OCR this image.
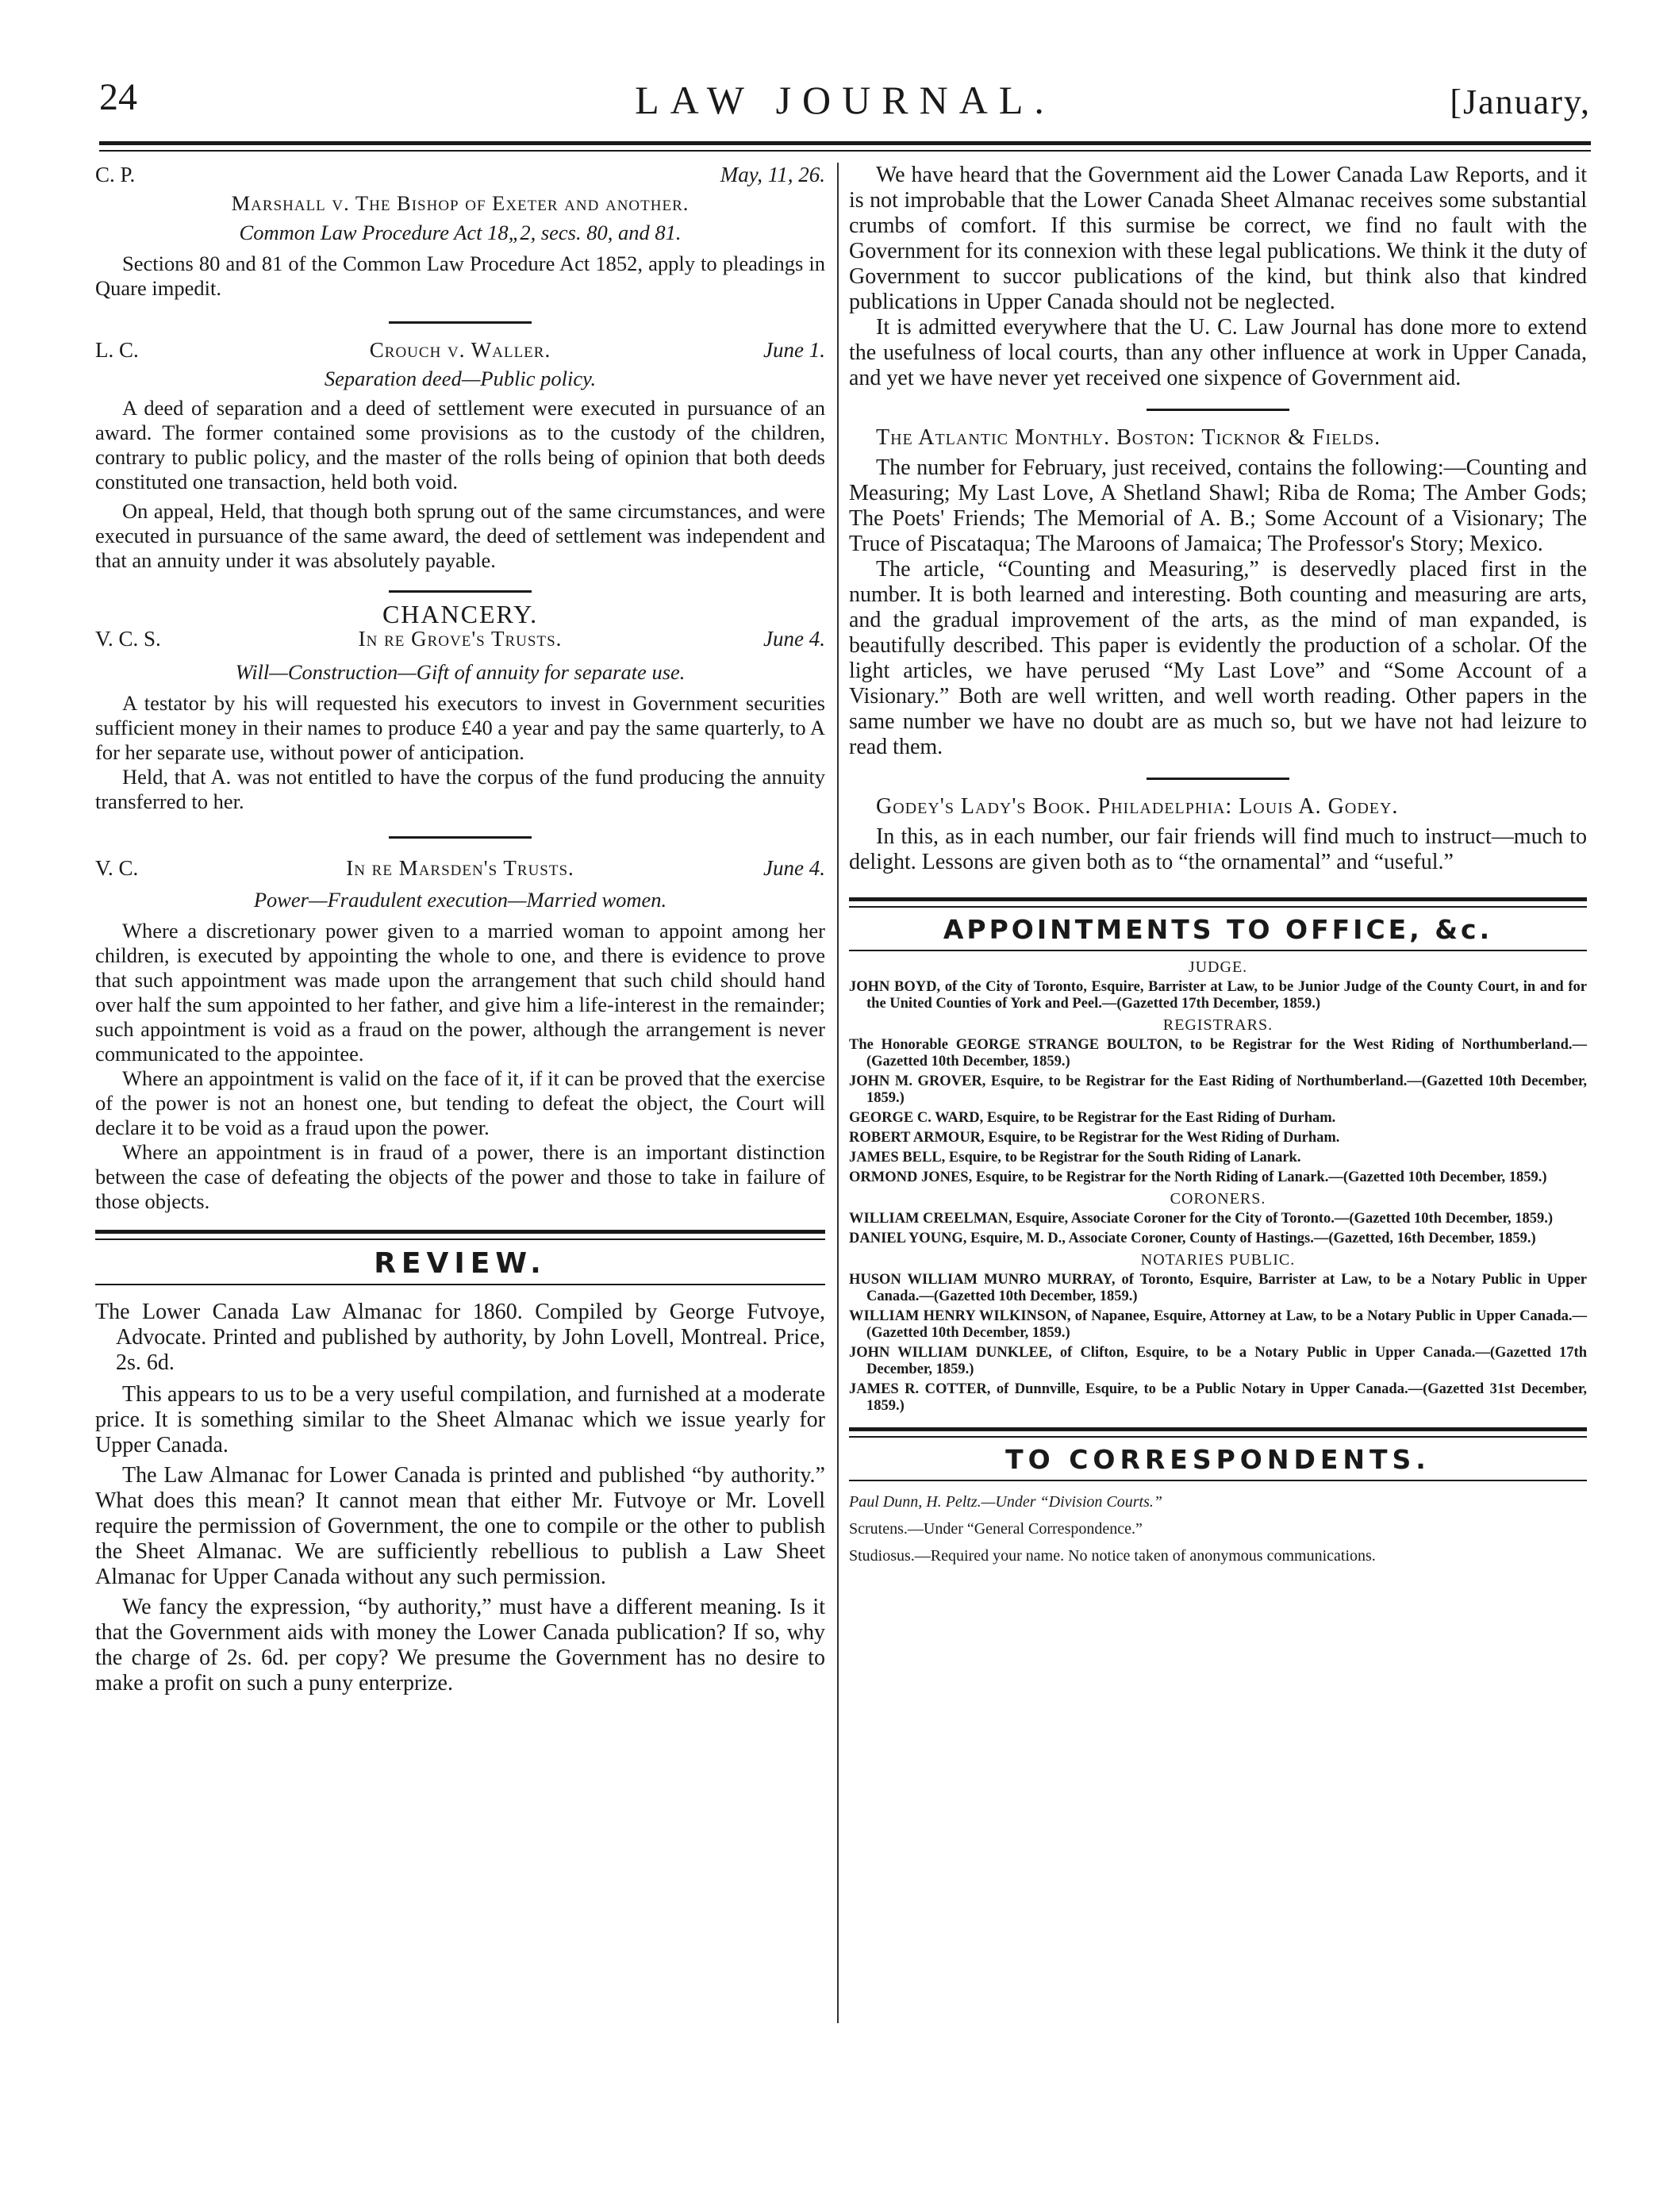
24	LAW JOURNAL.	[January,
C. P.	May, 11, 26.

Marshall v. The Bishop of Exeter and another.

Common Law Procedure Act 18„2, secs. 80, and 81.

Sections 80 and 81 of the Common Law Procedure Act 1852, apply to pleadings in Quare impedit.

L. C.	Crouch v. Waller.	June 1.

Separation deed—Public policy.

A deed of separation and a deed of settlement were executed in pursuance of an award. The former contained some provisions as to the custody of the children, contrary to public policy, and the master of the rolls being of opinion that both deeds constituted one transaction, held both void.

On appeal, Held, that though both sprung out of the same circumstances, and were executed in pursuance of the same award, the deed of settlement was independent and that an annuity under it was absolutely payable.

CHANCERY.

V. C. S.	In re Grove's Trusts.	June 4.

Will—Construction—Gift of annuity for separate use.

A testator by his will requested his executors to invest in Government securities sufficient money in their names to produce £40 a year and pay the same quarterly, to A for her separate use, without power of anticipation.

Held, that A. was not entitled to have the corpus of the fund producing the annuity transferred to her.

V. C.	In re Marsden's Trusts.	June 4.

Power—Fraudulent execution—Married women.

Where a discretionary power given to a married woman to appoint among her children, is executed by appointing the whole to one, and there is evidence to prove that such appointment was made upon the arrangement that such child should hand over half the sum appointed to her father, and give him a life-interest in the remainder; such appointment is void as a fraud on the power, although the arrangement is never communicated to the appointee.

Where an appointment is valid on the face of it, if it can be proved that the exercise of the power is not an honest one, but tending to defeat the object, the Court will declare it to be void as a fraud upon the power.

Where an appointment is in fraud of a power, there is an important distinction between the case of defeating the objects of the power and those to take in failure of those objects.

REVIEW.

The Lower Canada Law Almanac for 1860. Compiled by George Futvoye, Advocate. Printed and published by authority, by John Lovell, Montreal. Price, 2s. 6d.

This appears to us to be a very useful compilation, and furnished at a moderate price. It is something similar to the Sheet Almanac which we issue yearly for Upper Canada.

The Law Almanac for Lower Canada is printed and published “by authority.” What does this mean? It cannot mean that either Mr. Futvoye or Mr. Lovell require the permission of Government, the one to compile or the other to publish the Sheet Almanac. We are sufficiently rebellious to publish a Law Sheet Almanac for Upper Canada without any such permission.

We fancy the expression, “by authority,” must have a different meaning. Is it that the Government aids with money the Lower Canada publication? If so, why the charge of 2s. 6d. per copy? We presume the Government has no desire to make a profit on such a puny enterprize.

We have heard that the Government aid the Lower Canada Law Reports, and it is not improbable that the Lower Canada Sheet Almanac receives some substantial crumbs of comfort. If this surmise be correct, we find no fault with the Government for its connexion with these legal publications. We think it the duty of Government to succor publications of the kind, but think also that kindred publications in Upper Canada should not be neglected.

It is admitted everywhere that the U. C. Law Journal has done more to extend the usefulness of local courts, than any other influence at work in Upper Canada, and yet we have never yet received one sixpence of Government aid.

The Atlantic Monthly. Boston: Ticknor & Fields.

The number for February, just received, contains the following:—Counting and Measuring; My Last Love, A Shetland Shawl; Riba de Roma; The Amber Gods; The Poets' Friends; The Memorial of A. B.; Some Account of a Visionary; The Truce of Piscataqua; The Maroons of Jamaica; The Professor's Story; Mexico.

The article, “Counting and Measuring,” is deservedly placed first in the number. It is both learned and interesting. Both counting and measuring are arts, and the gradual improvement of the arts, as the mind of man expanded, is beautifully described. This paper is evidently the production of a scholar. Of the light articles, we have perused “My Last Love” and “Some Account of a Visionary.” Both are well written, and well worth reading. Other papers in the same number we have no doubt are as much so, but we have not had leizure to read them.

Godey's Lady's Book. Philadelphia: Louis A. Godey.

In this, as in each number, our fair friends will find much to instruct—much to delight. Lessons are given both as to “the ornamental” and “useful.”

APPOINTMENTS TO OFFICE, &c.

JUDGE.

JOHN BOYD, of the City of Toronto, Esquire, Barrister at Law, to be Junior Judge of the County Court, in and for the United Counties of York and Peel.—(Gazetted 17th December, 1859.)

REGISTRARS.

The Honorable GEORGE STRANGE BOULTON, to be Registrar for the West Riding of Northumberland.—(Gazetted 10th December, 1859.)

JOHN M. GROVER, Esquire, to be Registrar for the East Riding of Northumberland.—(Gazetted 10th December, 1859.)

GEORGE C. WARD, Esquire, to be Registrar for the East Riding of Durham.

ROBERT ARMOUR, Esquire, to be Registrar for the West Riding of Durham.

JAMES BELL, Esquire, to be Registrar for the South Riding of Lanark.

ORMOND JONES, Esquire, to be Registrar for the North Riding of Lanark.—(Gazetted 10th December, 1859.)

CORONERS.

WILLIAM CREELMAN, Esquire, Associate Coroner for the City of Toronto.—(Gazetted 10th December, 1859.)

DANIEL YOUNG, Esquire, M. D., Associate Coroner, County of Hastings.—(Gazetted, 16th December, 1859.)

NOTARIES PUBLIC.

HUSON WILLIAM MUNRO MURRAY, of Toronto, Esquire, Barrister at Law, to be a Notary Public in Upper Canada.—(Gazetted 10th December, 1859.)

WILLIAM HENRY WILKINSON, of Napanee, Esquire, Attorney at Law, to be a Notary Public in Upper Canada.—(Gazetted 10th December, 1859.)

JOHN WILLIAM DUNKLEE, of Clifton, Esquire, to be a Notary Public in Upper Canada.—(Gazetted 17th December, 1859.)

JAMES R. COTTER, of Dunnville, Esquire, to be a Public Notary in Upper Canada.—(Gazetted 31st December, 1859.)

TO CORRESPONDENTS.

Paul Dunn, H. Peltz.—Under “Division Courts.”

Scrutens.—Under “General Correspondence.”

Studiosus.—Required your name. No notice taken of anonymous communications.
